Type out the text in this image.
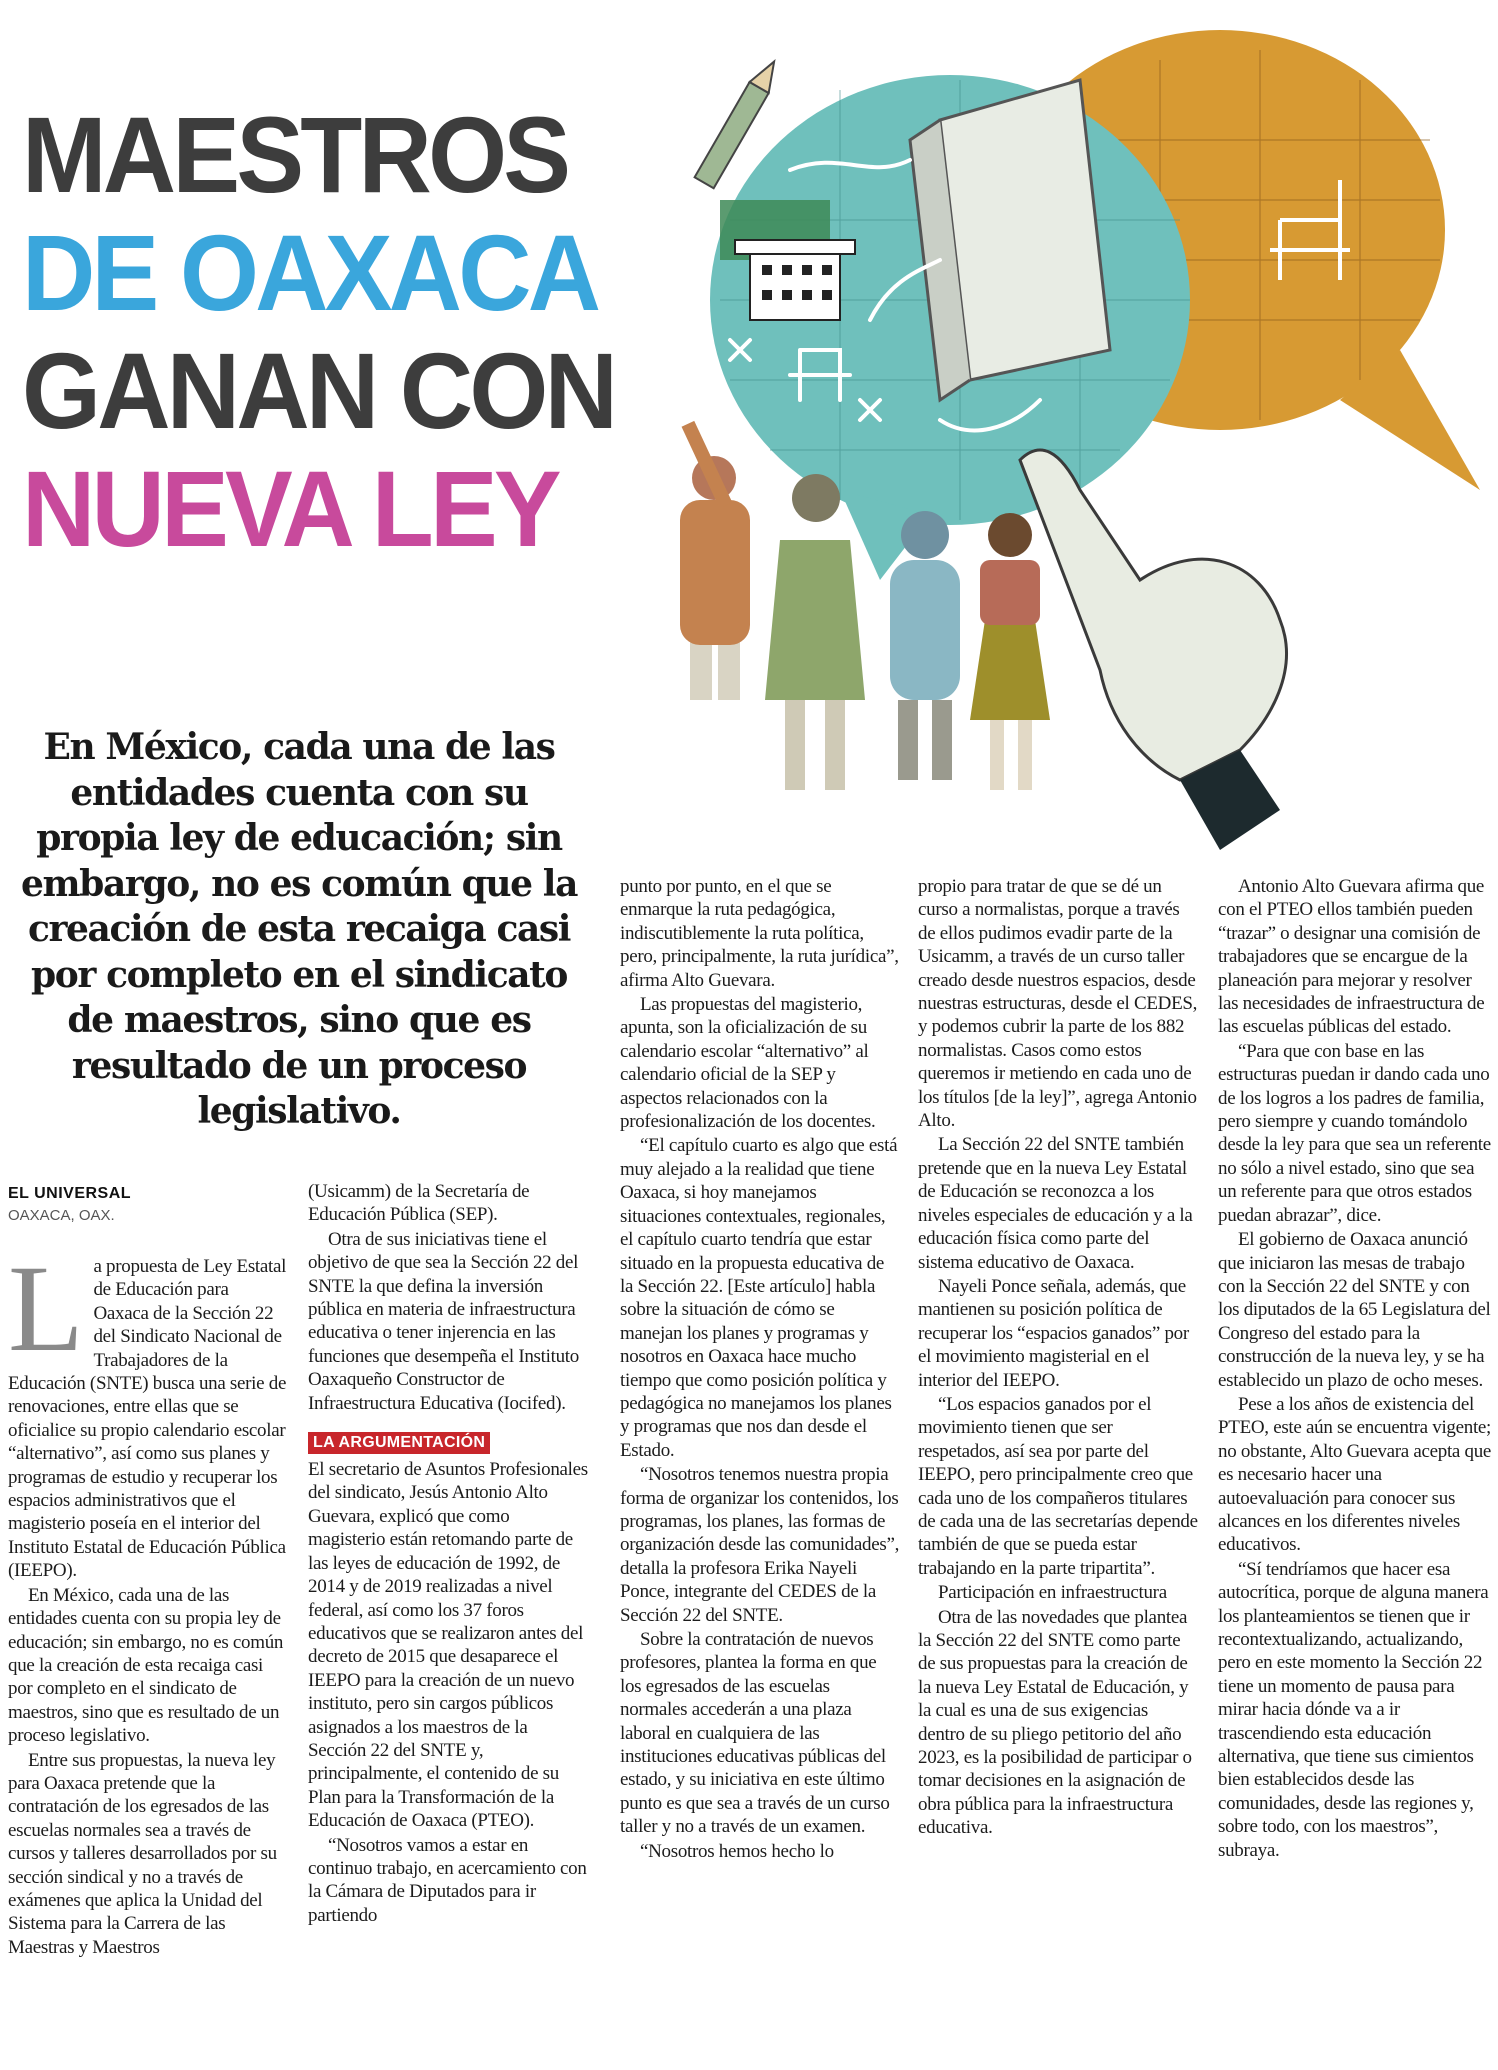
MAESTROS
DE OAXACA
GANAN CON
NUEVA LEY

En México, cada una de las entidades cuenta con su propia ley de educación; sin embargo, no es común que la creación de esta recaiga casi por completo en el sindicato de maestros, sino que es resultado de un proceso legislativo.

EL UNIVERSAL
OAXACA, OAX.

La propuesta de Ley Estatal de Educación para Oaxaca de la Sección 22 del Sindicato Nacional de Trabajadores de la Educación (SNTE) busca una serie de renovaciones, entre ellas que se oficialice su propio calendario escolar “alternativo”, así como sus planes y programas de estudio y recuperar los espacios administrativos que el magisterio poseía en el interior del Instituto Estatal de Educación Pública (IEEPO).

En México, cada una de las entidades cuenta con su propia ley de educación; sin embargo, no es común que la creación de esta recaiga casi por completo en el sindicato de maestros, sino que es resultado de un proceso legislativo.

Entre sus propuestas, la nueva ley para Oaxaca pretende que la contratación de los egresados de las escuelas normales sea a través de cursos y talleres desarrollados por su sección sindical y no a través de exámenes que aplica la Unidad del Sistema para la Carrera de las Maestras y Maestros

(Usicamm) de la Secretaría de Educación Pública (SEP).

Otra de sus iniciativas tiene el objetivo de que sea la Sección 22 del SNTE la que defina la inversión pública en materia de infraestructura educativa o tener injerencia en las funciones que desempeña el Instituto Oaxaqueño Constructor de Infraestructura Educativa (Iocifed).

LA ARGUMENTACIÓN

El secretario de Asuntos Profesionales del sindicato, Jesús Antonio Alto Guevara, explicó que como magisterio están retomando parte de las leyes de educación de 1992, de 2014 y de 2019 realizadas a nivel federal, así como los 37 foros educativos que se realizaron antes del decreto de 2015 que desaparece el IEEPO para la creación de un nuevo instituto, pero sin cargos públicos asignados a los maestros de la Sección 22 del SNTE y, principalmente, el contenido de su Plan para la Transformación de la Educación de Oaxaca (PTEO).

“Nosotros vamos a estar en continuo trabajo, en acercamiento con la Cámara de Diputados para ir partiendo

punto por punto, en el que se enmarque la ruta pedagógica, indiscutiblemente la ruta política, pero, principalmente, la ruta jurídica”, afirma Alto Guevara.

Las propuestas del magisterio, apunta, son la oficialización de su calendario escolar “alternativo” al calendario oficial de la SEP y aspectos relacionados con la profesionalización de los docentes.

“El capítulo cuarto es algo que está muy alejado a la realidad que tiene Oaxaca, si hoy manejamos situaciones contextuales, regionales, el capítulo cuarto tendría que estar situado en la propuesta educativa de la Sección 22. [Este artículo] habla sobre la situación de cómo se manejan los planes y programas y nosotros en Oaxaca hace mucho tiempo que como posición política y pedagógica no manejamos los planes y programas que nos dan desde el Estado.

“Nosotros tenemos nuestra propia forma de organizar los contenidos, los programas, los planes, las formas de organización desde las comunidades”, detalla la profesora Erika Nayeli Ponce, integrante del CEDES de la Sección 22 del SNTE.

Sobre la contratación de nuevos profesores, plantea la forma en que los egresados de las escuelas normales accederán a una plaza laboral en cualquiera de las instituciones educativas públicas del estado, y su iniciativa en este último punto es que sea a través de un curso taller y no a través de un examen.

“Nosotros hemos hecho lo

propio para tratar de que se dé un curso a normalistas, porque a través de ellos pudimos evadir parte de la Usicamm, a través de un curso taller creado desde nuestros espacios, desde nuestras estructuras, desde el CEDES, y podemos cubrir la parte de los 882 normalistas. Casos como estos queremos ir metiendo en cada uno de los títulos [de la ley]”, agrega Antonio Alto.

La Sección 22 del SNTE también pretende que en la nueva Ley Estatal de Educación se reconozca a los niveles especiales de educación y a la educación física como parte del sistema educativo de Oaxaca.

Nayeli Ponce señala, además, que mantienen su posición política de recuperar los “espacios ganados” por el movimiento magisterial en el interior del IEEPO.

“Los espacios ganados por el movimiento tienen que ser respetados, así sea por parte del IEEPO, pero principalmente creo que cada uno de los compañeros titulares de cada una de las secretarías depende también de que se pueda estar trabajando en la parte tripartita”.

Participación en infraestructura

Otra de las novedades que plantea la Sección 22 del SNTE como parte de sus propuestas para la creación de la nueva Ley Estatal de Educación, y la cual es una de sus exigencias dentro de su pliego petitorio del año 2023, es la posibilidad de participar o tomar decisiones en la asignación de obra pública para la infraestructura educativa.

Antonio Alto Guevara afirma que con el PTEO ellos también pueden “trazar” o designar una comisión de trabajadores que se encargue de la planeación para mejorar y resolver las necesidades de infraestructura de las escuelas públicas del estado.

“Para que con base en las estructuras puedan ir dando cada uno de los logros a los padres de familia, pero siempre y cuando tomándolo desde la ley para que sea un referente no sólo a nivel estado, sino que sea un referente para que otros estados puedan abrazar”, dice.

El gobierno de Oaxaca anunció que iniciaron las mesas de trabajo con la Sección 22 del SNTE y con los diputados de la 65 Legislatura del Congreso del estado para la construcción de la nueva ley, y se ha establecido un plazo de ocho meses.

Pese a los años de existencia del PTEO, este aún se encuentra vigente; no obstante, Alto Guevara acepta que es necesario hacer una autoevaluación para conocer sus alcances en los diferentes niveles educativos.

“Sí tendríamos que hacer esa autocrítica, porque de alguna manera los planteamientos se tienen que ir recontextualizando, actualizando, pero en este momento la Sección 22 tiene un momento de pausa para mirar hacia dónde va a ir trascendiendo esta educación alternativa, que tiene sus cimientos bien establecidos desde las comunidades, desde las regiones y, sobre todo, con los maestros”, subraya.
